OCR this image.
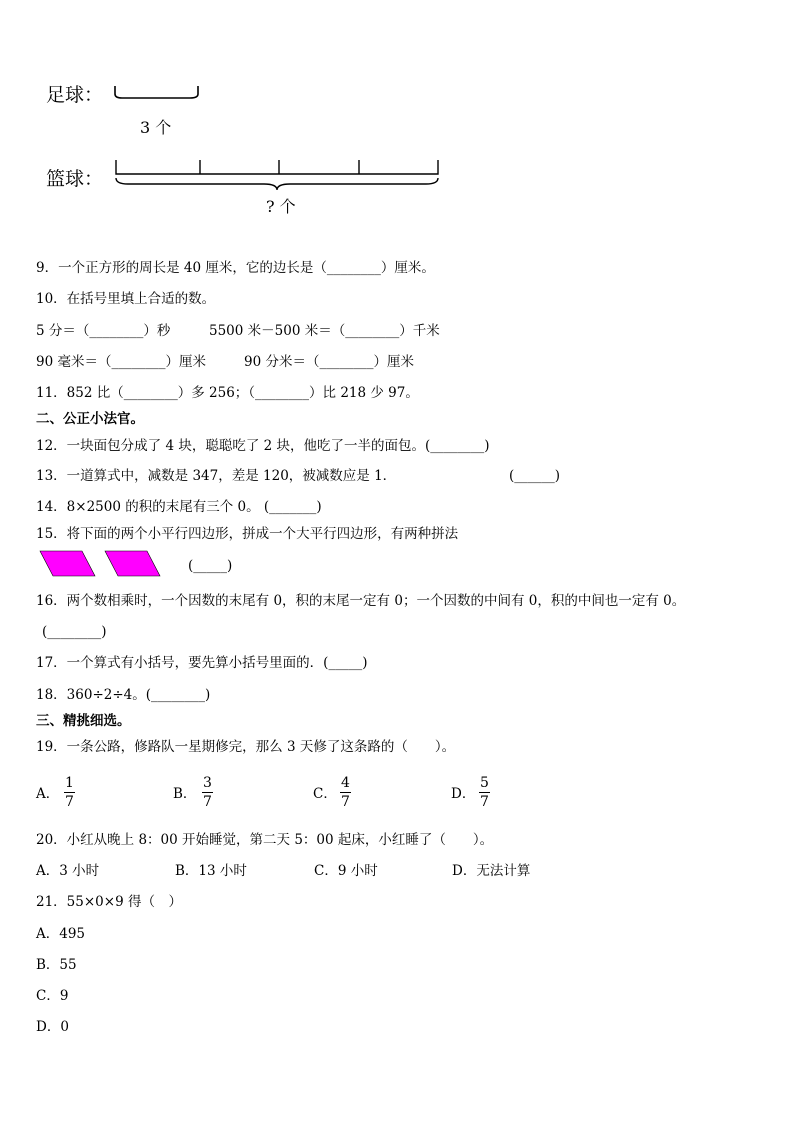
足球：
3 个
篮球：
? 个
9．一个正方形的周长是 40 厘米，它的边长是（________）厘米。
10．在括号里填上合适的数。
5 分＝（________）秒	5500 米－500 米＝（________）千米
90 毫米＝（________）厘米	90 分米＝（________）厘米
11．852 比（________）多 256；（________）比 218 少 97。
二、公正小法官。
12．一块面包分成了 4 块，聪聪吃了 2 块，他吃了一半的面包。(________)
13．一道算式中，减数是 347，差是 120，被减数应是 1．	(______)
14．8×2500 的积的末尾有三个 0。 (_______)
15．将下面的两个小平行四边形，拼成一个大平行四边形，有两种拼法
(_____)
16．两个数相乘时，一个因数的末尾有 0，积的末尾一定有 0；一个因数的中间有 0，积的中间也一定有 0。
(________)
17．一个算式有小括号，要先算小括号里面的．(_____)
18．360÷2÷4。(________)
三、精挑细选。
19．一条公路，修路队一星期修完，那么 3 天修了这条路的（　　）。
A．
1
7	B．
3
7	C．
4
7	D．
5
7
20．小红从晚上 8：00 开始睡觉，第二天 5：00 起床，小红睡了（　　）。
A．3 小时	B．13 小时	C．9 小时	D．无法计算
21．55×0×9 得（　）
A．495
B．55
C．9
D．0
